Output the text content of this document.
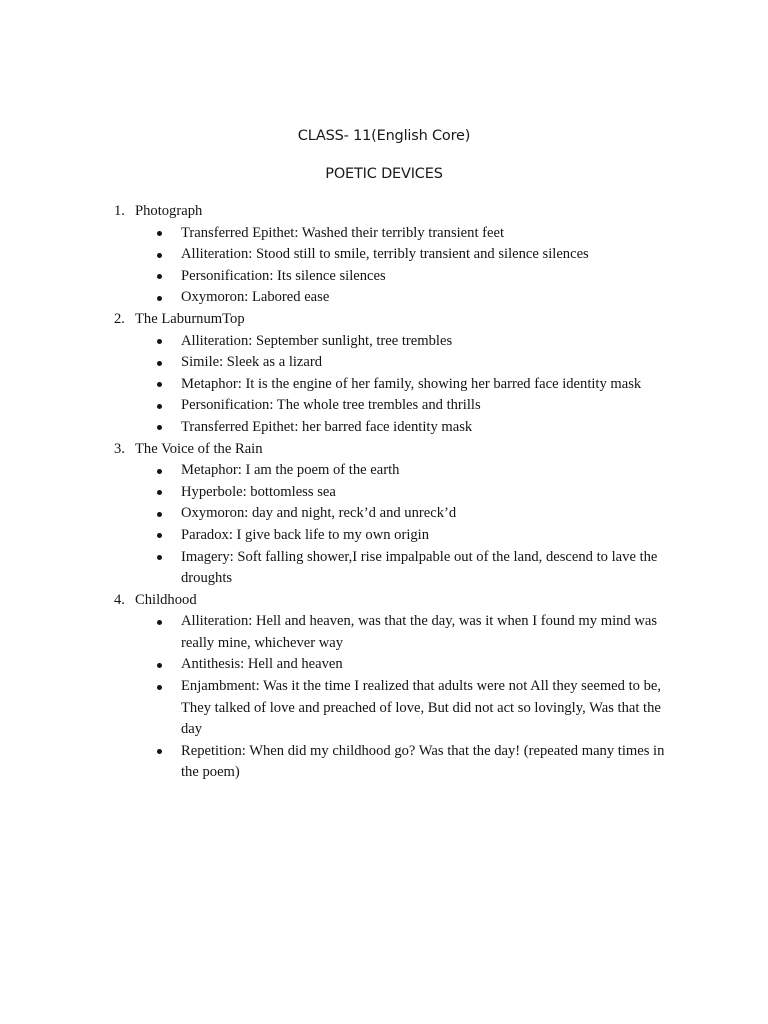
CLASS- 11(English Core)
POETIC DEVICES
1. Photograph
Transferred Epithet: Washed their terribly transient feet
Alliteration: Stood still to smile, terribly transient and silence silences
Personification: Its silence silences
Oxymoron: Labored ease
2. The LaburnumTop
Alliteration: September sunlight, tree trembles
Simile: Sleek as a lizard
Metaphor: It is the engine of her family, showing her barred face identity mask
Personification: The whole tree trembles and thrills
Transferred Epithet: her barred face identity mask
3. The Voice of the Rain
Metaphor: I am the poem of the earth
Hyperbole: bottomless sea
Oxymoron: day and night, reck’d and unreck’d
Paradox: I give back life to my own origin
Imagery: Soft falling shower,I rise impalpable out of the land, descend to lave the droughts
4. Childhood
Alliteration: Hell and heaven, was that the day, was it when I found my mind was really mine, whichever way
Antithesis: Hell and heaven
Enjambment: Was it the time I realized that adults were not All they seemed to be, They talked of love and preached of love, But did not act so lovingly, Was that the day
Repetition: When did my childhood go? Was that the day! (repeated many times in the poem)
